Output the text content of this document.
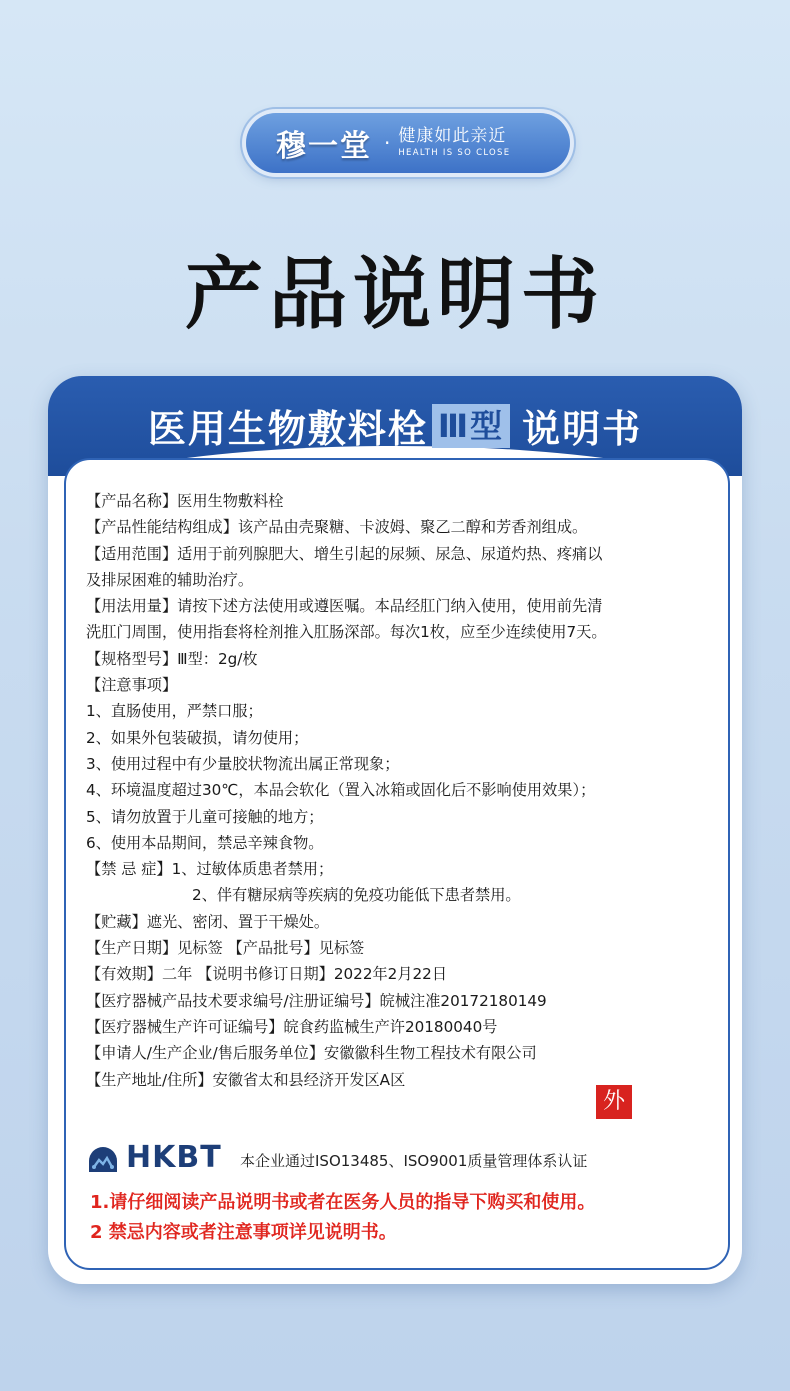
穆一堂 · 健康如此亲近
HEALTH IS SO CLOSE
产品说明书
医用生物敷料栓 Ⅲ型 说明书
【产品名称】医用生物敷料栓
【产品性能结构组成】该产品由壳聚糖、卡波姆、聚乙二醇和芳香剂组成。
【适用范围】适用于前列腺肥大、增生引起的尿频、尿急、尿道灼热、疼痛以
及排尿困难的辅助治疗。
【用法用量】请按下述方法使用或遵医嘱。本品经肛门纳入使用，使用前先清
洗肛门周围，使用指套将栓剂推入肛肠深部。每次1枚，应至少连续使用7天。
【规格型号】Ⅲ型：2g/枚
【注意事项】
1、直肠使用，严禁口服；
2、如果外包装破损，请勿使用；
3、使用过程中有少量胶状物流出属正常现象；
4、环境温度超过30℃，本品会软化（置入冰箱或固化后不影响使用效果）；
5、请勿放置于儿童可接触的地方；
6、使用本品期间，禁忌辛辣食物。
【禁 忌 症】1、过敏体质患者禁用；
2、伴有糖尿病等疾病的免疫功能低下患者禁用。
【贮藏】遮光、密闭、置于干燥处。
【生产日期】见标签 【产品批号】见标签
【有效期】二年 【说明书修订日期】2022年2月22日
【医疗器械产品技术要求编号/注册证编号】皖械注准20172180149
【医疗器械生产许可证编号】皖食药监械生产许20180040号
【申请人/生产企业/售后服务单位】安徽徽科生物工程技术有限公司
【生产地址/住所】安徽省太和县经济开发区A区
外
HKBT 本企业通过ISO13485、ISO9001质量管理体系认证
1.请仔细阅读产品说明书或者在医务人员的指导下购买和使用。
2 禁忌内容或者注意事项详见说明书。
